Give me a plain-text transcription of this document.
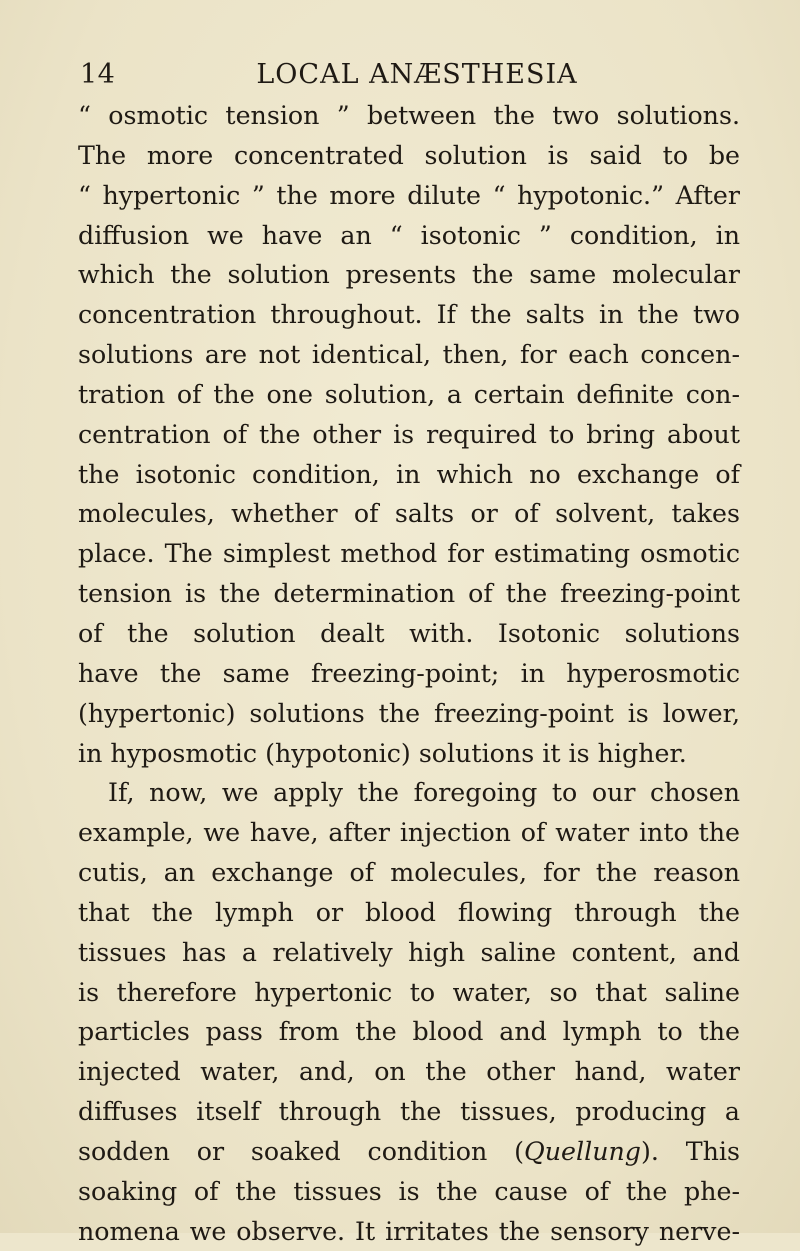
14	LOCAL ANÆSTHESIA
“ osmotic tension ” between the two solutions.
The more concentrated solution is said to be
“ hypertonic ” the more dilute “ hypotonic.” After
diffusion we have an “ isotonic ” condition, in
which the solution presents the same molecular
concentration throughout. If the salts in the two
solutions are not identical, then, for each concen-
tration of the one solution, a certain definite con-
centration of the other is required to bring about
the isotonic condition, in which no exchange of
molecules, whether of salts or of solvent, takes
place. The simplest method for estimating osmotic
tension is the determination of the freezing-point
of the solution dealt with. Isotonic solutions
have the same freezing-point; in hyperosmotic
(hypertonic) solutions the freezing-point is lower,
in hyposmotic (hypotonic) solutions it is higher.
If, now, we apply the foregoing to our chosen
example, we have, after injection of water into the
cutis, an exchange of molecules, for the reason
that the lymph or blood flowing through the
tissues has a relatively high saline content, and
is therefore hypertonic to water, so that saline
particles pass from the blood and lymph to the
injected water, and, on the other hand, water
diffuses itself through the tissues, producing a
sodden or soaked condition (Quellung). This
soaking of the tissues is the cause of the phe-
nomena we observe. It irritates the sensory nerve-
